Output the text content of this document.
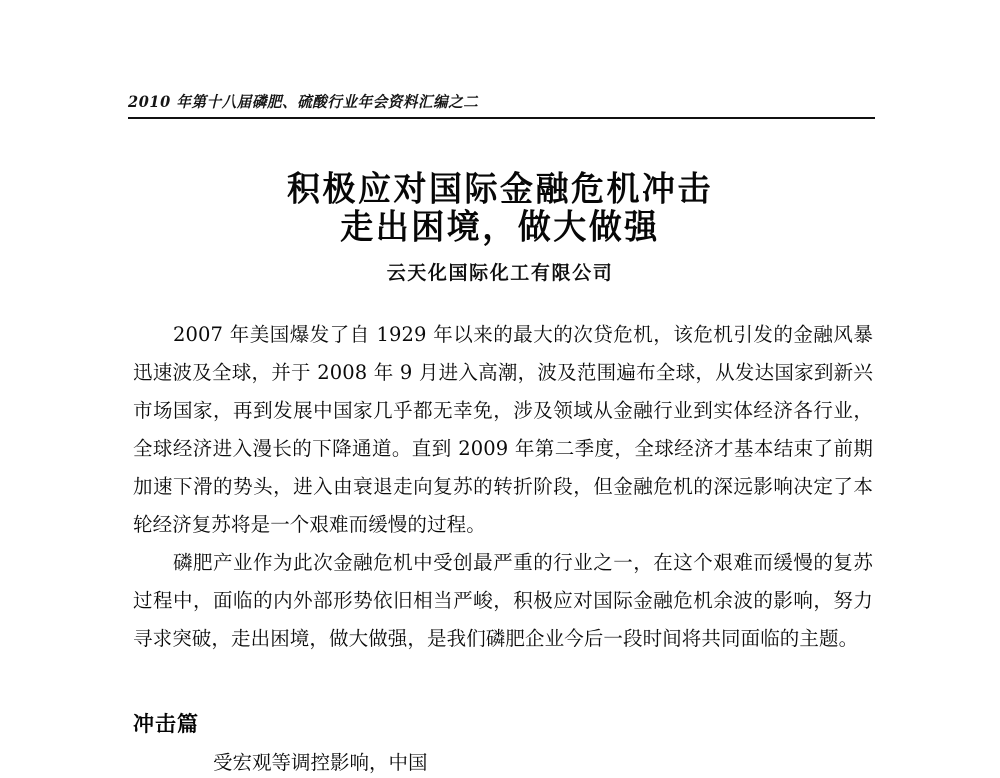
2010 年第十八届磷肥、硫酸行业年会资料汇编之二
积极应对国际金融危机冲击
走出困境，做大做强
云天化国际化工有限公司

2007 年美国爆发了自 1929 年以来的最大的次贷危机，该危机引发的金融风暴迅速波及全球，并于 2008 年 9 月进入高潮，波及范围遍布全球，从发达国家到新兴市场国家，再到发展中国家几乎都无幸免，涉及领域从金融行业到实体经济各行业，全球经济进入漫长的下降通道。直到 2009 年第二季度，全球经济才基本结束了前期加速下滑的势头，进入由衰退走向复苏的转折阶段，但金融危机的深远影响决定了本轮经济复苏将是一个艰难而缓慢的过程。

磷肥产业作为此次金融危机中受创最严重的行业之一，在这个艰难而缓慢的复苏过程中，面临的内外部形势依旧相当严峻，积极应对国际金融危机余波的影响，努力寻求突破，走出困境，做大做强，是我们磷肥企业今后一段时间将共同面临的主题。

冲击篇

受宏观等调控影响，中国
